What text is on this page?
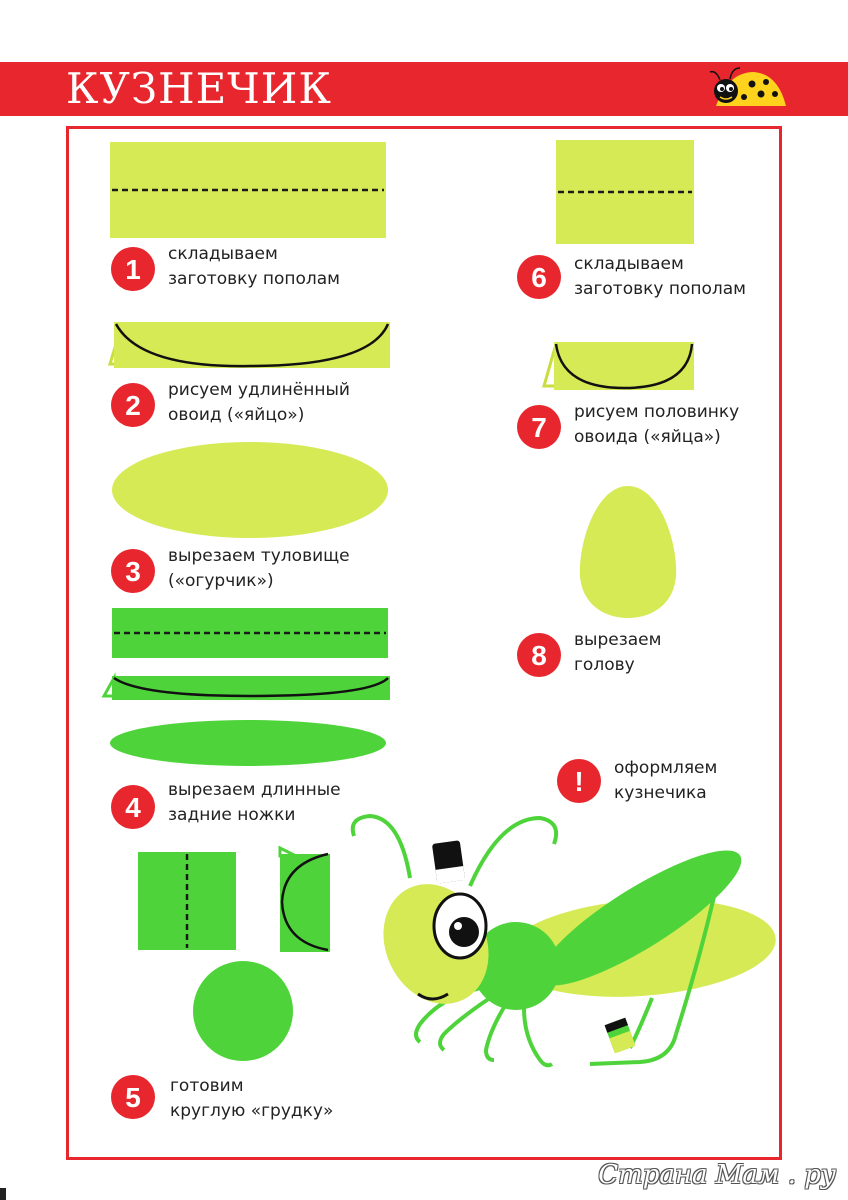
КУЗНЕЧИК
1 складываем
заготовку пополам
2 рисуем удлинённый
овоид («яйцо»)
3 вырезаем туловище
(«огурчик»)
4
вырезаем длинные
задние ножки
5 готовим
круглую «грудку»
6 складываем
заготовку пополам
7 рисуем половинку
овоида («яйца»)
8 вырезаем
голову
! оформляем
кузнечика
Страна Мам . ру
